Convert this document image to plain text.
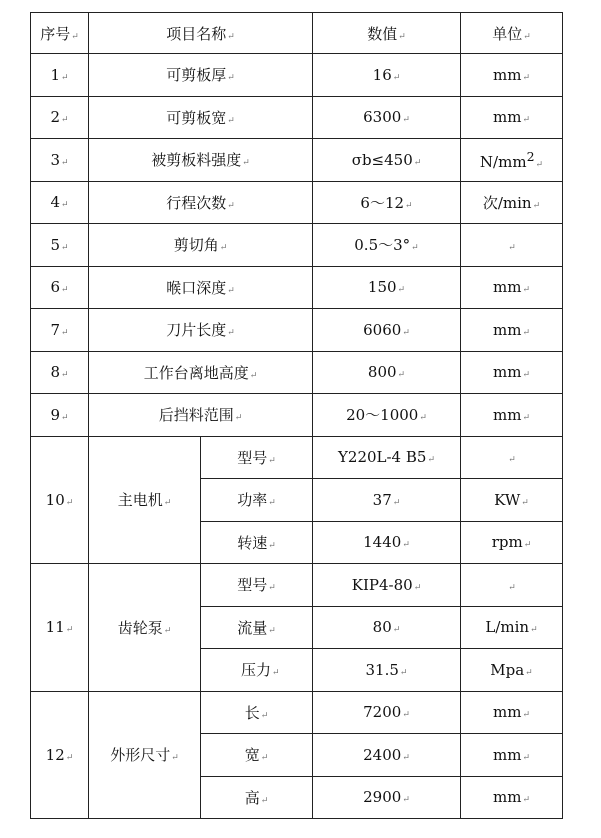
序号↵	项目名称↵		数值↵	单位↵
1↵	可剪板厚↵		16↵	mm↵
2↵	可剪板宽↵		6300↵	mm↵
3↵	被剪板料强度↵		σb≤450↵	$N/mm^2↵$
4↵	行程次数↵		6～12↵	次/min↵
5↵	剪切角↵		0.5～3°↵	↵
6↵	喉口深度↵		150↵	mm↵
7↵	刀片长度↵		6060↵	mm↵
8↵	工作台离地高度↵		800↵	mm↵
9↵	后挡料范围↵		20～1000↵	mm↵
10↵	主电机↵	型号↵	Y220L-4 B5↵	↵
		功率↵	37↵	KW↵
		转速↵	1440↵	rpm↵
11↵	齿轮泵↵	型号↵	KIP4-80↵	↵
		流量↵	80↵	L/min↵
		压力↵	31.5↵	Mpa↵
12↵	外形尺寸↵	长↵	7200↵	mm↵
		宽↵	2400↵	mm↵
		高↵	2900↵	mm↵
